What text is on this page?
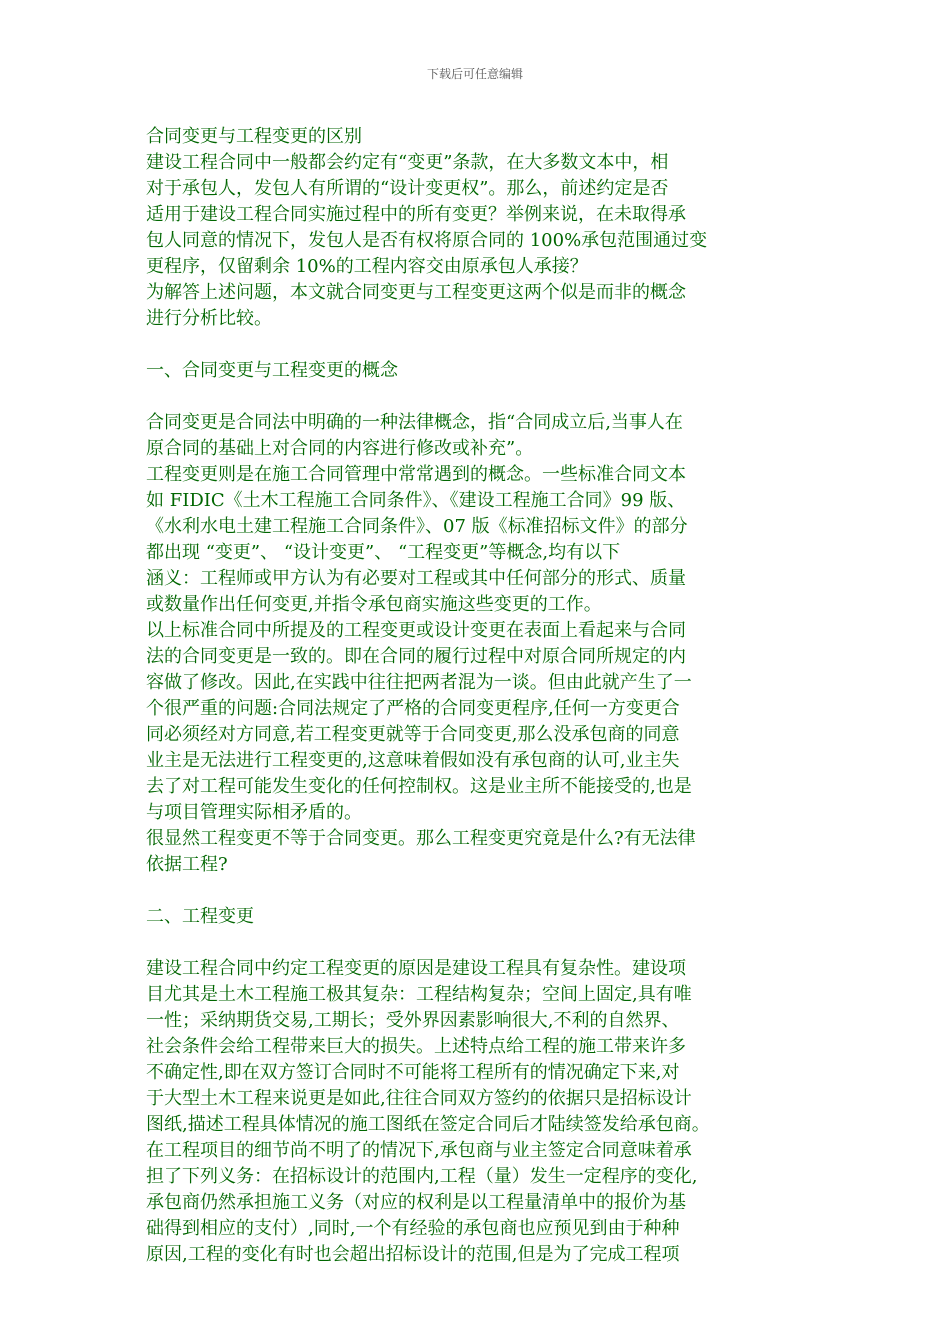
下载后可任意编辑
合同变更与工程变更的区别
建设工程合同中一般都会约定有“变更”条款，在大多数文本中，相
对于承包人，发包人有所谓的“设计变更权”。那么，前述约定是否
适用于建设工程合同实施过程中的所有变更？举例来说，在未取得承
包人同意的情况下，发包人是否有权将原合同的 100%承包范围通过变
更程序，仅留剩余 10%的工程内容交由原承包人承接？
为解答上述问题，本文就合同变更与工程变更这两个似是而非的概念
进行分析比较。
一、合同变更与工程变更的概念
合同变更是合同法中明确的一种法律概念，指“合同成立后,当事人在
原合同的基础上对合同的内容进行修改或补充”。
工程变更则是在施工合同管理中常常遇到的概念。一些标准合同文本
如 FIDIC《土木工程施工合同条件》、《建设工程施工合同》99 版、
《水利水电土建工程施工合同条件》、07 版《标准招标文件》的部分
都出现 “变更”、 “设计变更”、 “工程变更”等概念,均有以下
涵义：工程师或甲方认为有必要对工程或其中任何部分的形式、质量
或数量作出任何变更,并指令承包商实施这些变更的工作。
以上标准合同中所提及的工程变更或设计变更在表面上看起来与合同
法的合同变更是一致的。即在合同的履行过程中对原合同所规定的内
容做了修改。因此,在实践中往往把两者混为一谈。但由此就产生了一
个很严重的问题:合同法规定了严格的合同变更程序,任何一方变更合
同必须经对方同意,若工程变更就等于合同变更,那么没承包商的同意
业主是无法进行工程变更的,这意味着假如没有承包商的认可,业主失
去了对工程可能发生变化的任何控制权。这是业主所不能接受的,也是
与项目管理实际相矛盾的。
很显然工程变更不等于合同变更。那么工程变更究竟是什么?有无法律
依据工程?
二、工程变更
建设工程合同中约定工程变更的原因是建设工程具有复杂性。建设项
目尤其是土木工程施工极其复杂：工程结构复杂；空间上固定,具有唯
一性；采纳期货交易,工期长；受外界因素影响很大,不利的自然界、
社会条件会给工程带来巨大的损失。上述特点给工程的施工带来许多
不确定性,即在双方签订合同时不可能将工程所有的情况确定下来,对
于大型土木工程来说更是如此,往往合同双方签约的依据只是招标设计
图纸,描述工程具体情况的施工图纸在签定合同后才陆续签发给承包商。
在工程项目的细节尚不明了的情况下,承包商与业主签定合同意味着承
担了下列义务：在招标设计的范围内,工程（量）发生一定程序的变化,
承包商仍然承担施工义务（对应的权利是以工程量清单中的报价为基
础得到相应的支付）,同时,一个有经验的承包商也应预见到由于种种
原因,工程的变化有时也会超出招标设计的范围,但是为了完成工程项
